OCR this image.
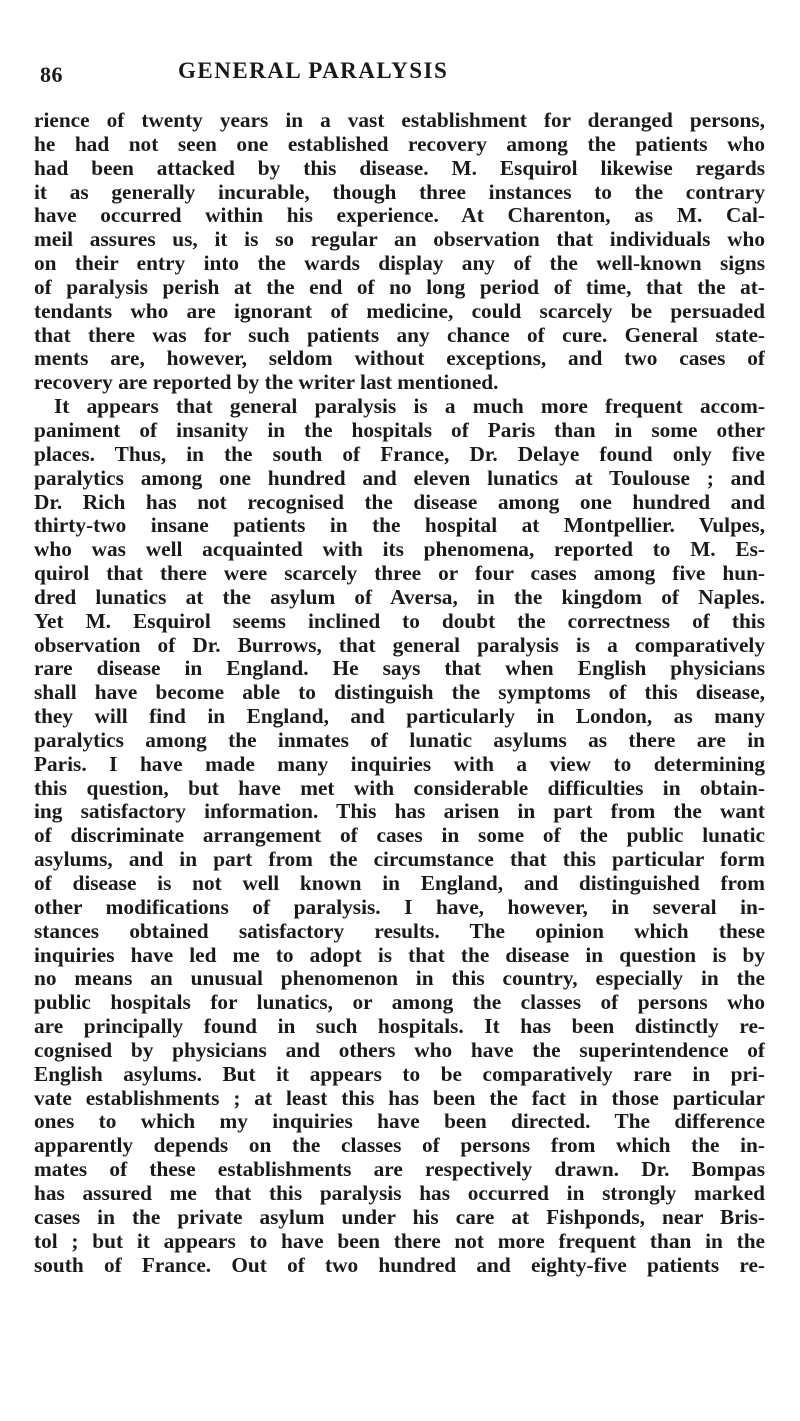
86	GENERAL PARALYSIS
rience of twenty years in a vast establishment for deranged persons,
he had not seen one established recovery among the patients who
had been attacked by this disease. M. Esquirol likewise regards
it as generally incurable, though three instances to the contrary
have occurred within his experience. At Charenton, as M. Cal-
meil assures us, it is so regular an observation that individuals who
on their entry into the wards display any of the well-known signs
of paralysis perish at the end of no long period of time, that the at-
tendants who are ignorant of medicine, could scarcely be persuaded
that there was for such patients any chance of cure. General state-
ments are, however, seldom without exceptions, and two cases of
recovery are reported by the writer last mentioned.
It appears that general paralysis is a much more frequent accom-
paniment of insanity in the hospitals of Paris than in some other
places. Thus, in the south of France, Dr. Delaye found only five
paralytics among one hundred and eleven lunatics at Toulouse ; and
Dr. Rich has not recognised the disease among one hundred and
thirty-two insane patients in the hospital at Montpellier. Vulpes,
who was well acquainted with its phenomena, reported to M. Es-
quirol that there were scarcely three or four cases among five hun-
dred lunatics at the asylum of Aversa, in the kingdom of Naples.
Yet M. Esquirol seems inclined to doubt the correctness of this
observation of Dr. Burrows, that general paralysis is a comparatively
rare disease in England. He says that when English physicians
shall have become able to distinguish the symptoms of this disease,
they will find in England, and particularly in London, as many
paralytics among the inmates of lunatic asylums as there are in
Paris. I have made many inquiries with a view to determining
this question, but have met with considerable difficulties in obtain-
ing satisfactory information. This has arisen in part from the want
of discriminate arrangement of cases in some of the public lunatic
asylums, and in part from the circumstance that this particular form
of disease is not well known in England, and distinguished from
other modifications of paralysis. I have, however, in several in-
stances obtained satisfactory results. The opinion which these
inquiries have led me to adopt is that the disease in question is by
no means an unusual phenomenon in this country, especially in the
public hospitals for lunatics, or among the classes of persons who
are principally found in such hospitals. It has been distinctly re-
cognised by physicians and others who have the superintendence of
English asylums. But it appears to be comparatively rare in pri-
vate establishments ; at least this has been the fact in those particular
ones to which my inquiries have been directed. The difference
apparently depends on the classes of persons from which the in-
mates of these establishments are respectively drawn. Dr. Bompas
has assured me that this paralysis has occurred in strongly marked
cases in the private asylum under his care at Fishponds, near Bris-
tol ; but it appears to have been there not more frequent than in the
south of France. Out of two hundred and eighty-five patients re-
